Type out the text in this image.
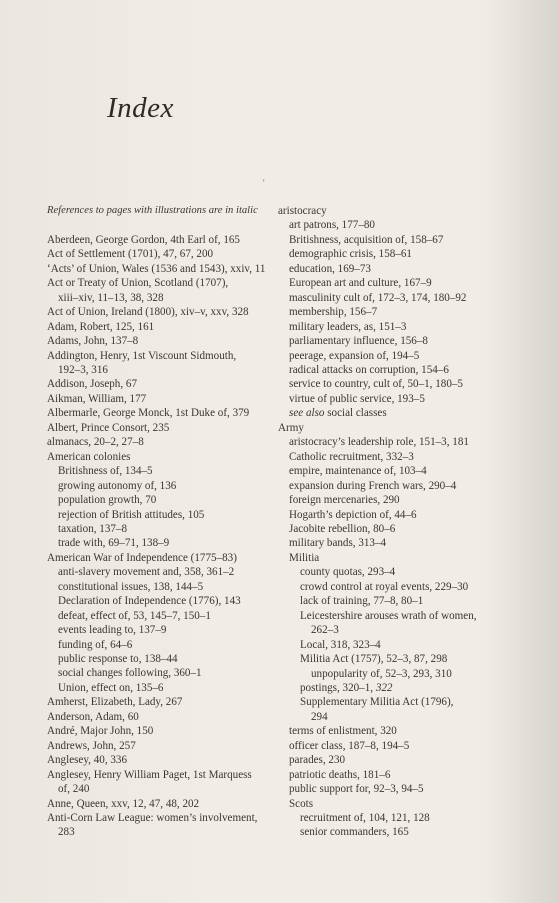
Index
'
References to pages with illustrations are in italic
Aberdeen, George Gordon, 4th Earl of, 165
Act of Settlement (1701), 47, 67, 200
‘Acts’ of Union, Wales (1536 and 1543), xxiv, 11
Act or Treaty of Union, Scotland (1707),
xiii–xiv, 11–13, 38, 328
Act of Union, Ireland (1800), xiv–v, xxv, 328
Adam, Robert, 125, 161
Adams, John, 137–8
Addington, Henry, 1st Viscount Sidmouth,
192–3, 316
Addison, Joseph, 67
Aikman, William, 177
Albermarle, George Monck, 1st Duke of, 379
Albert, Prince Consort, 235
almanacs, 20–2, 27–8
American colonies
Britishness of, 134–5
growing autonomy of, 136
population growth, 70
rejection of British attitudes, 105
taxation, 137–8
trade with, 69–71, 138–9
American War of Independence (1775–83)
anti-slavery movement and, 358, 361–2
constitutional issues, 138, 144–5
Declaration of Independence (1776), 143
defeat, effect of, 53, 145–7, 150–1
events leading to, 137–9
funding of, 64–6
public response to, 138–44
social changes following, 360–1
Union, effect on, 135–6
Amherst, Elizabeth, Lady, 267
Anderson, Adam, 60
André, Major John, 150
Andrews, John, 257
Anglesey, 40, 336
Anglesey, Henry William Paget, 1st Marquess
of, 240
Anne, Queen, xxv, 12, 47, 48, 202
Anti-Corn Law League: women’s involvement,
283
aristocracy
art patrons, 177–80
Britishness, acquisition of, 158–67
demographic crisis, 158–61
education, 169–73
European art and culture, 167–9
masculinity cult of, 172–3, 174, 180–92
membership, 156–7
military leaders, as, 151–3
parliamentary influence, 156–8
peerage, expansion of, 194–5
radical attacks on corruption, 154–6
service to country, cult of, 50–1, 180–5
virtue of public service, 193–5
see also social classes
Army
aristocracy’s leadership role, 151–3, 181
Catholic recruitment, 332–3
empire, maintenance of, 103–4
expansion during French wars, 290–4
foreign mercenaries, 290
Hogarth’s depiction of, 44–6
Jacobite rebellion, 80–6
military bands, 313–4
Militia
county quotas, 293–4
crowd control at royal events, 229–30
lack of training, 77–8, 80–1
Leicestershire arouses wrath of women,
262–3
Local, 318, 323–4
Militia Act (1757), 52–3, 87, 298
unpopularity of, 52–3, 293, 310
postings, 320–1, 322
Supplementary Militia Act (1796),
294
terms of enlistment, 320
officer class, 187–8, 194–5
parades, 230
patriotic deaths, 181–6
public support for, 92–3, 94–5
Scots
recruitment of, 104, 121, 128
senior commanders, 165
